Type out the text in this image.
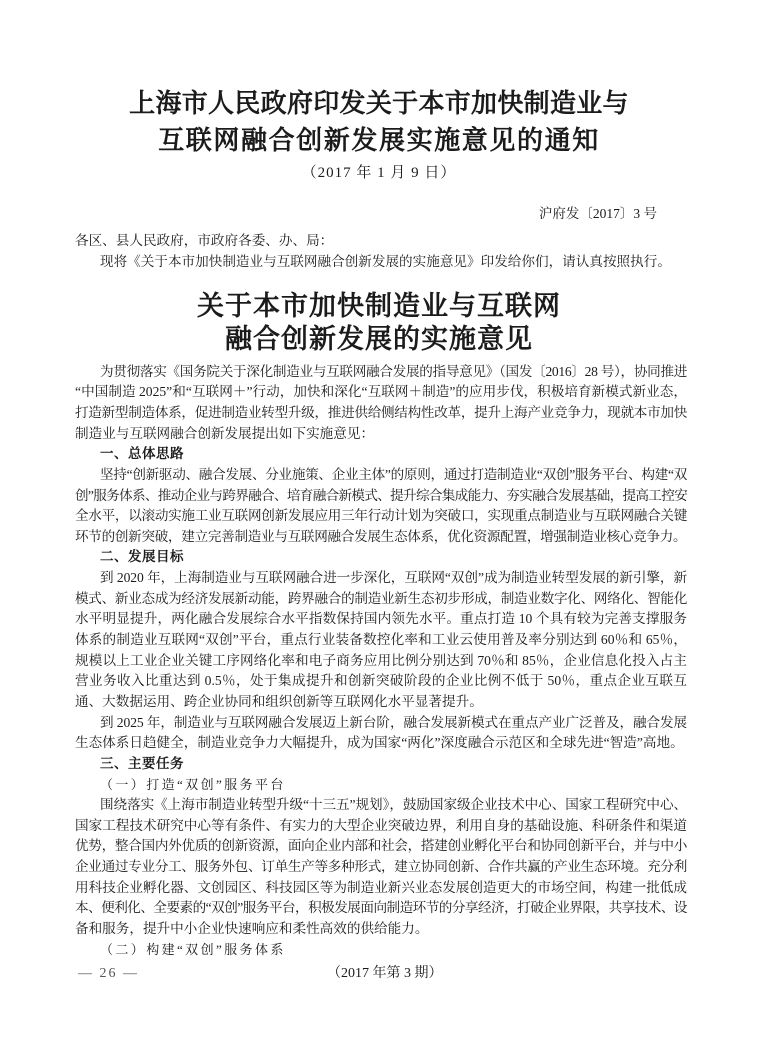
上海市人民政府印发关于本市加快制造业与
互联网融合创新发展实施意见的通知
（2017 年 1 月 9 日）
沪府发〔2017〕3 号
各区、县人民政府，市政府各委、办、局：
现将《关于本市加快制造业与互联网融合创新发展的实施意见》印发给你们，请认真按照执行。
关于本市加快制造业与互联网
融合创新发展的实施意见
为贯彻落实《国务院关于深化制造业与互联网融合发展的指导意见》（国发〔2016〕28 号），协同推进
“中国制造 2025”和“互联网＋”行动，加快和深化“互联网＋制造”的应用步伐，积极培育新模式新业态，
打造新型制造体系，促进制造业转型升级，推进供给侧结构性改革，提升上海产业竞争力，现就本市加快
制造业与互联网融合创新发展提出如下实施意见：
一、总体思路
坚持“创新驱动、融合发展、分业施策、企业主体”的原则，通过打造制造业“双创”服务平台、构建“双
创”服务体系、推动企业与跨界融合、培育融合新模式、提升综合集成能力、夯实融合发展基础，提高工控安
全水平，以滚动实施工业互联网创新发展应用三年行动计划为突破口，实现重点制造业与互联网融合关键
环节的创新突破，建立完善制造业与互联网融合发展生态体系，优化资源配置，增强制造业核心竞争力。
二、发展目标
到 2020 年，上海制造业与互联网融合进一步深化，互联网“双创”成为制造业转型发展的新引擎，新
模式、新业态成为经济发展新动能，跨界融合的制造业新生态初步形成，制造业数字化、网络化、智能化
水平明显提升，两化融合发展综合水平指数保持国内领先水平。重点打造 10 个具有较为完善支撑服务
体系的制造业互联网“双创”平台，重点行业装备数控化率和工业云使用普及率分别达到 60％和 65％，
规模以上工业企业关键工序网络化率和电子商务应用比例分别达到 70％和 85％，企业信息化投入占主
营业务收入比重达到 0.5％，处于集成提升和创新突破阶段的企业比例不低于 50％，重点企业互联互
通、大数据运用、跨企业协同和组织创新等互联网化水平显著提升。
到 2025 年，制造业与互联网融合发展迈上新台阶，融合发展新模式在重点产业广泛普及，融合发展
生态体系日趋健全，制造业竞争力大幅提升，成为国家“两化”深度融合示范区和全球先进“智造”高地。
三、主要任务
（一）打造“双创”服务平台
围绕落实《上海市制造业转型升级“十三五”规划》，鼓励国家级企业技术中心、国家工程研究中心、
国家工程技术研究中心等有条件、有实力的大型企业突破边界，利用自身的基础设施、科研条件和渠道
优势，整合国内外优质的创新资源，面向企业内部和社会，搭建创业孵化平台和协同创新平台，并与中小
企业通过专业分工、服务外包、订单生产等多种形式，建立协同创新、合作共赢的产业生态环境。充分利
用科技企业孵化器、文创园区、科技园区等为制造业新兴业态发展创造更大的市场空间，构建一批低成
本、便利化、全要素的“双创”服务平台，积极发展面向制造环节的分享经济，打破企业界限，共享技术、设
备和服务，提升中小企业快速响应和柔性高效的供给能力。
（二）构建“双创”服务体系
— 26 —	（2017 年第 3 期）
